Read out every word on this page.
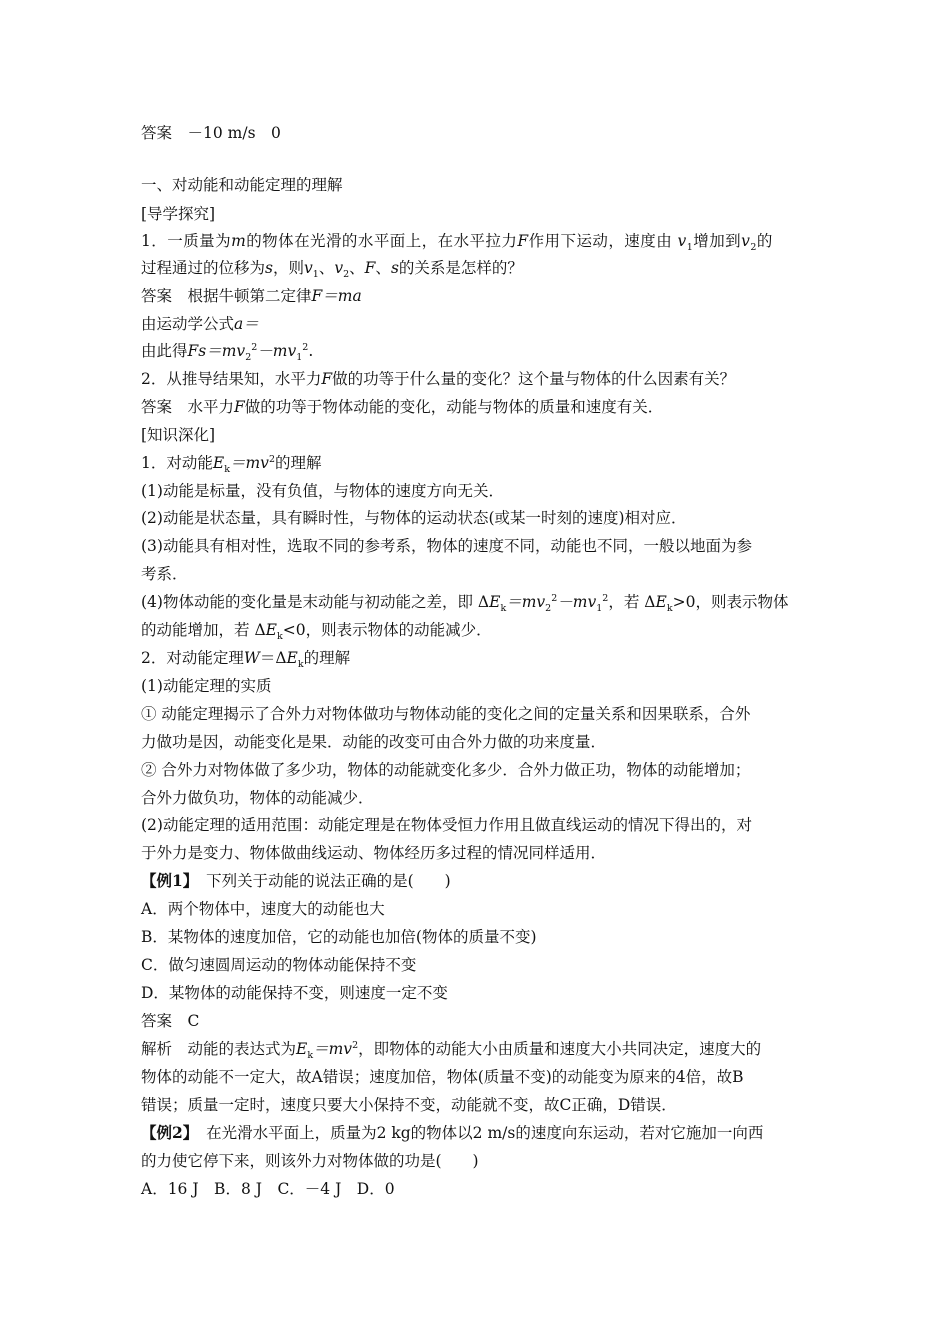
答案　－10 m/s　0
一、对动能和动能定理的理解
[导学探究]
1．一质量为m的物体在光滑的水平面上，在水平拉力F作用下运动，速度由 $v_1$增加到$v_2$的
过程通过的位移为s，则$v_1$、$v_2$、F、s的关系是怎样的？
答案　根据牛顿第二定律F＝ma
由运动学公式a＝
由此得$Fs=mv_2^2-mv_1^2$.
2．从推导结果知，水平力F做的功等于什么量的变化？这个量与物体的什么因素有关？
答案　水平力F做的功等于物体动能的变化，动能与物体的质量和速度有关．
[知识深化]
1．对动能$E_k=mv^2$的理解
(1)动能是标量，没有负值，与物体的速度方向无关．
(2)动能是状态量，具有瞬时性，与物体的运动状态(或某一时刻的速度)相对应．
(3)动能具有相对性，选取不同的参考系，物体的速度不同，动能也不同，一般以地面为参
考系．
(4)物体动能的变化量是末动能与初动能之差，即 $\Delta E_k=mv_2^2-mv_1^2$，若 $\Delta E_k>0$，则表示物体
的动能增加，若 $\Delta E_k<0$，则表示物体的动能减少．
2．对动能定理$W=\Delta E_k$的理解
(1)动能定理的实质
① 动能定理揭示了合外力对物体做功与物体动能的变化之间的定量关系和因果联系，合外
力做功是因，动能变化是果．动能的改变可由合外力做的功来度量．
② 合外力对物体做了多少功，物体的动能就变化多少．合外力做正功，物体的动能增加；
合外力做负功，物体的动能减少．
(2)动能定理的适用范围：动能定理是在物体受恒力作用且做直线运动的情况下得出的，对
于外力是变力、物体做曲线运动、物体经历多过程的情况同样适用．
【例1】　 下列关于动能的说法正确的是(　　)
A．两个物体中，速度大的动能也大
B．某物体的速度加倍，它的动能也加倍(物体的质量不变)
C．做匀速圆周运动的物体动能保持不变
D．某物体的动能保持不变，则速度一定不变
答案　C
解析　动能的表达式为$E_k=mv^2$，即物体的动能大小由质量和速度大小共同决定，速度大的
物体的动能不一定大，故A错误；速度加倍，物体(质量不变)的动能变为原来的4倍，故B
错误；质量一定时，速度只要大小保持不变，动能就不变，故C正确，D错误．
【例2】　 在光滑水平面上，质量为2 kg的物体以2 m/s的速度向东运动，若对它施加一向西
的力使它停下来，则该外力对物体做的功是(　　)
A．16 J　B．8 J　C．－4 J　D．0
